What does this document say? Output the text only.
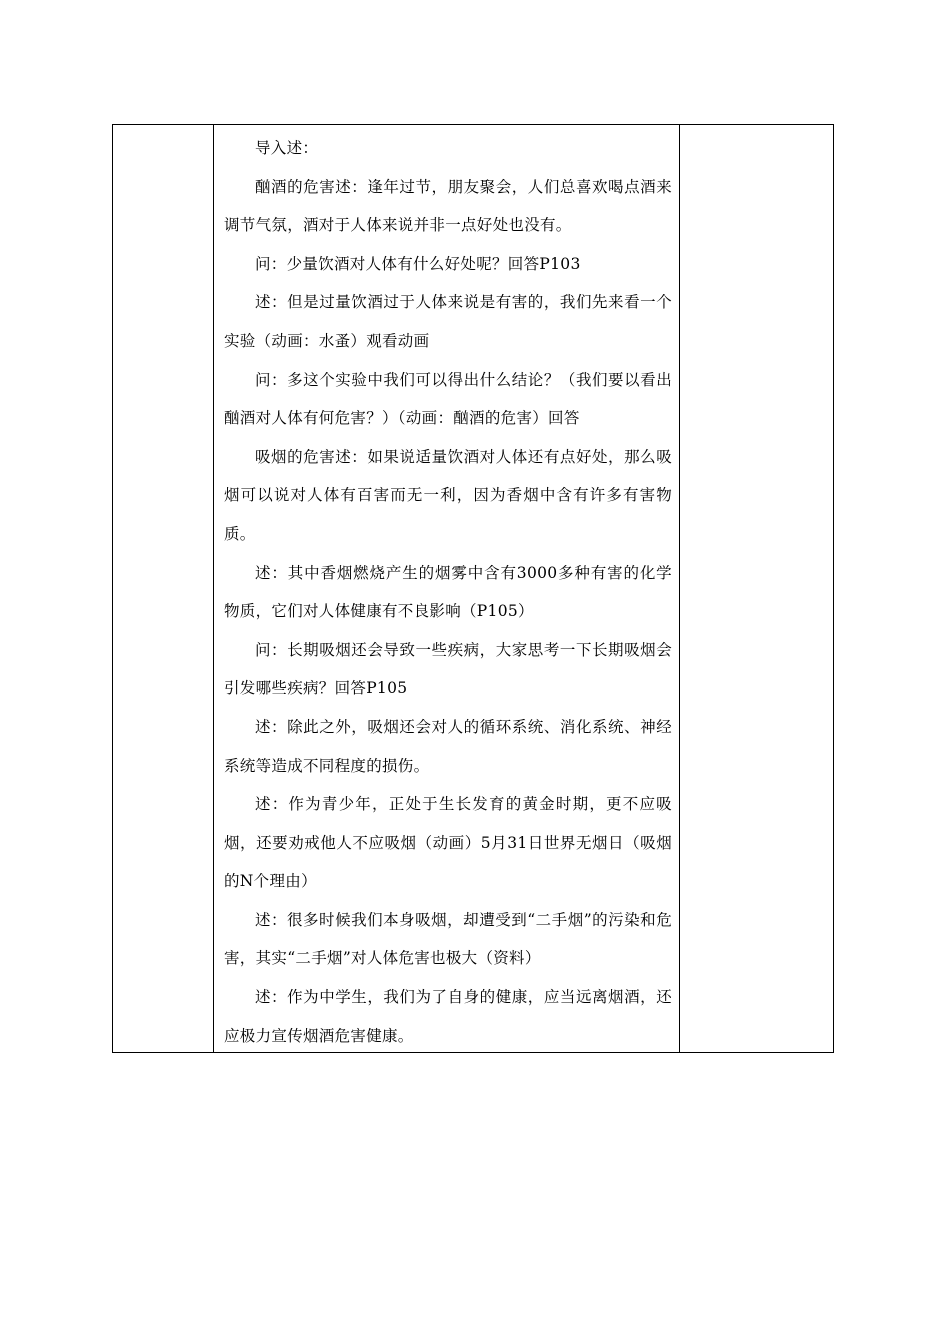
导入述：

酗酒的危害述：逢年过节，朋友聚会，人们总喜欢喝点酒来调节气氛，酒对于人体来说并非一点好处也没有。

问：少量饮酒对人体有什么好处呢？回答P103

述：但是过量饮酒过于人体来说是有害的，我们先来看一个实验（动画：水蚤）观看动画

问：多这个实验中我们可以得出什么结论？（我们要以看出酗酒对人体有何危害？）（动画：酗酒的危害）回答

吸烟的危害述：如果说适量饮酒对人体还有点好处，那么吸烟可以说对人体有百害而无一利，因为香烟中含有许多有害物质。

述：其中香烟燃烧产生的烟雾中含有3000多种有害的化学物质，它们对人体健康有不良影响（P105）

问：长期吸烟还会导致一些疾病，大家思考一下长期吸烟会引发哪些疾病？回答P105

述：除此之外，吸烟还会对人的循环系统、消化系统、神经系统等造成不同程度的损伤。

述：作为青少年，正处于生长发育的黄金时期，更不应吸烟，还要劝戒他人不应吸烟（动画）5月31日世界无烟日（吸烟的N个理由）

述：很多时候我们本身吸烟，却遭受到“二手烟”的污染和危害，其实“二手烟”对人体危害也极大（资料）

述：作为中学生，我们为了自身的健康，应当远离烟酒，还应极力宣传烟酒危害健康。
